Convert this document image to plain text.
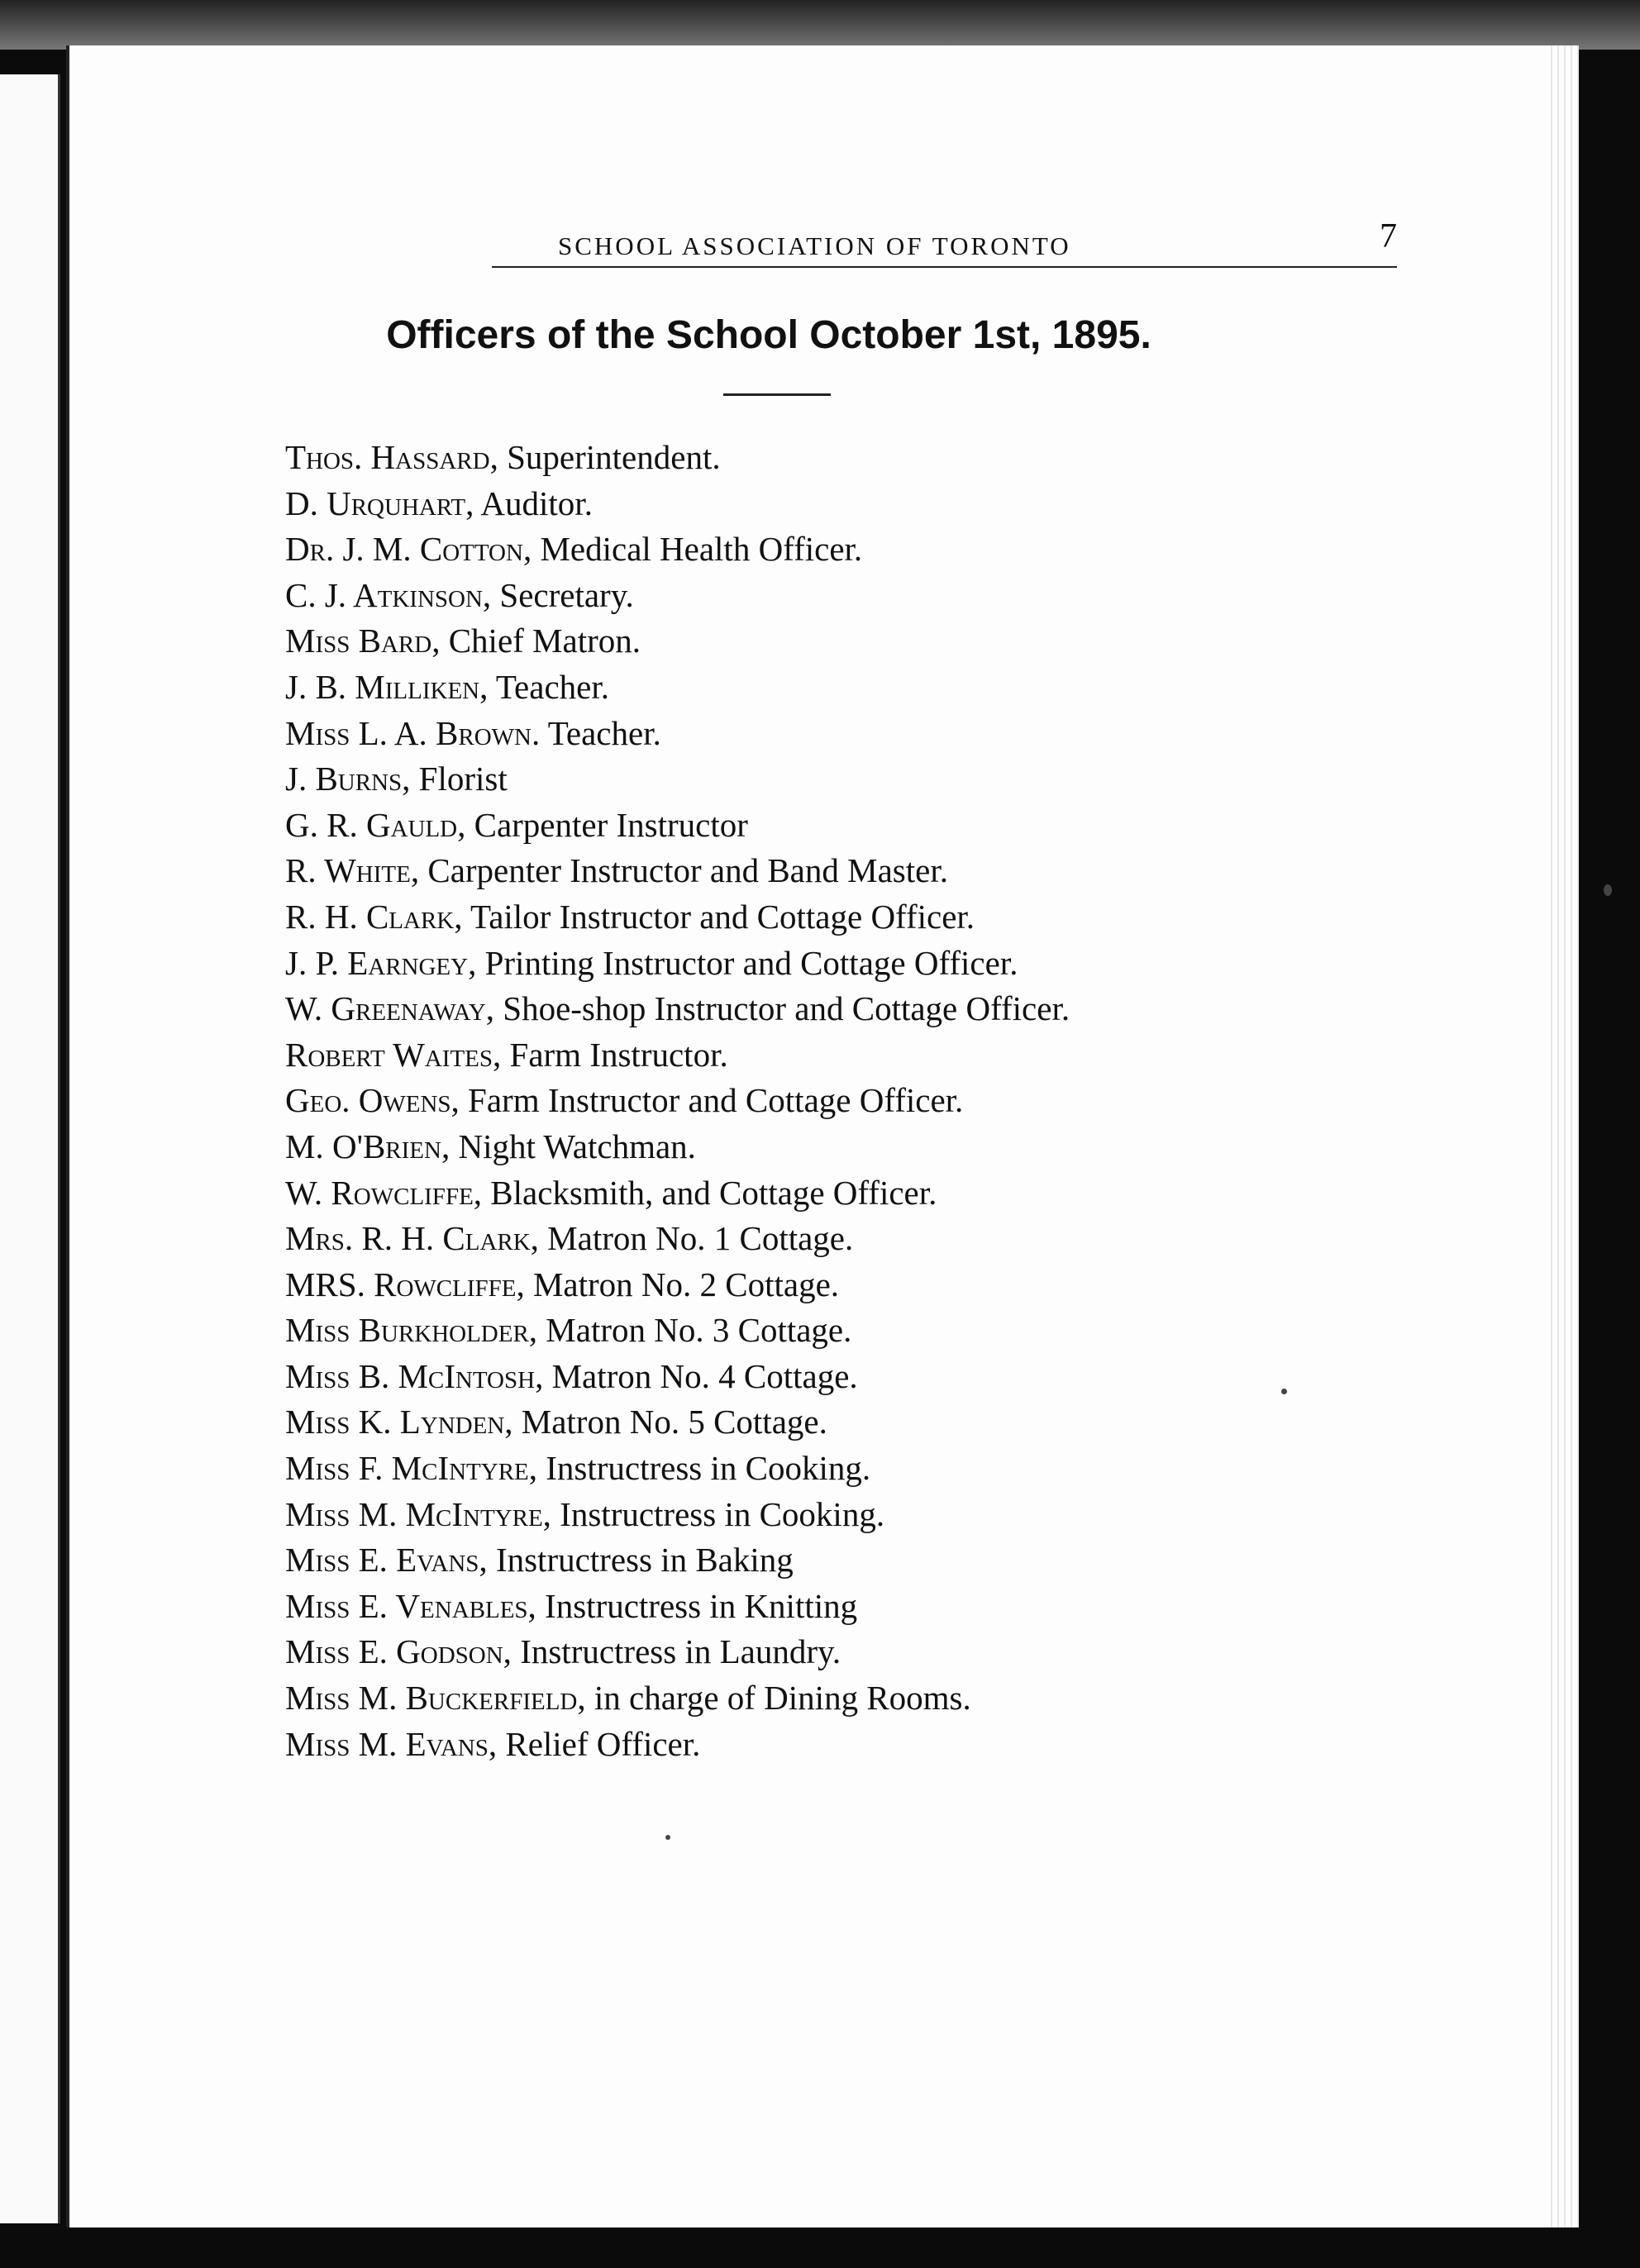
SCHOOL ASSOCIATION OF TORONTO	7
Officers of the School October 1st, 1895.
Thos. Hassard, Superintendent.
D. Urquhart, Auditor.
Dr. J. M. Cotton, Medical Health Officer.
C. J. Atkinson, Secretary.
Miss Bard, Chief Matron.
J. B. Milliken, Teacher.
Miss L. A. Brown. Teacher.
J. Burns, Florist
G. R. Gauld, Carpenter Instructor
R. White, Carpenter Instructor and Band Master.
R. H. Clark, Tailor Instructor and Cottage Officer.
J. P. Earngey, Printing Instructor and Cottage Officer.
W. Greenaway, Shoe-shop Instructor and Cottage Officer.
Robert Waites, Farm Instructor.
Geo. Owens, Farm Instructor and Cottage Officer.
M. O'Brien, Night Watchman.
W. Rowcliffe, Blacksmith, and Cottage Officer.
Mrs. R. H. Clark, Matron No. 1 Cottage.
MRS. Rowcliffe, Matron No. 2 Cottage.
Miss Burkholder, Matron No. 3 Cottage.
Miss B. McIntosh, Matron No. 4 Cottage.
Miss K. Lynden, Matron No. 5 Cottage.
Miss F. McIntyre, Instructress in Cooking.
Miss M. McIntyre, Instructress in Cooking.
Miss E. Evans, Instructress in Baking
Miss E. Venables, Instructress in Knitting
Miss E. Godson, Instructress in Laundry.
Miss M. Buckerfield, in charge of Dining Rooms.
Miss M. Evans, Relief Officer.
